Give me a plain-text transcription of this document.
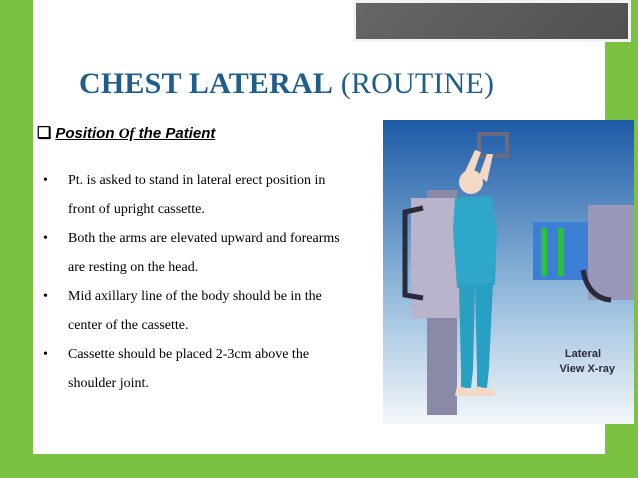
CHEST LATERAL (ROUTINE)
❑ Position Of the Patient
• Pt. is asked to stand in lateral erect position in front of upright cassette.
• Both the arms are elevated upward and forearms are resting on the head.
• Mid axillary line of the body should be in the center of the cassette.
• Cassette should be placed 2-3cm above the shoulder joint.
Lateral
View X-ray
